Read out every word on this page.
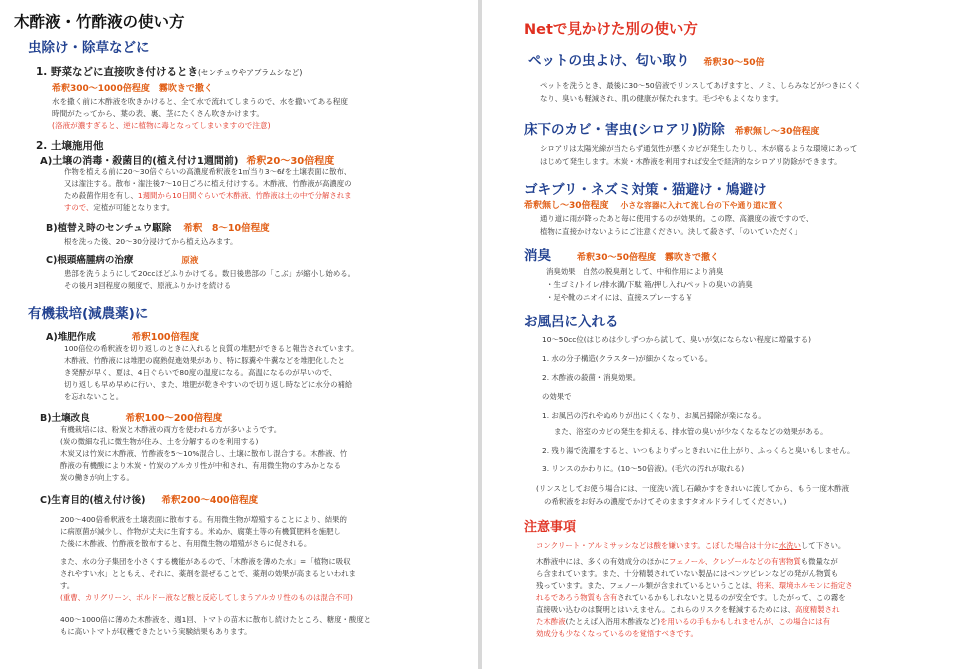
木酢液・竹酢液の使い方
虫除け・除草などに
1. 野菜などに直接吹き付けるとき(センチュウやアブラムシなど)
希釈300～1000倍程度　霧吹きで撒く
水を撒く前に木酢液を吹きかけると、全て水で流れてしまうので、水を撒いてある程度
時間がたってから、葉の表、裏、茎にたくさん吹きかけます。
(洛液が濃すぎると、逆に植物に毒となってしまいますので注意)
2. 土壌施用他
A)土壌の消毒・殺菌目的(植え付け1週間前) 希釈20～30倍程度
作物を植える前に20～30倍ぐらいの高濃度希釈液を1㎡当り3～6ℓを土壌表面に散布、
又は潅注する。散布・潅注後7～10日ごろに植え付けする。木酢液、竹酢液が高濃度の
ため殺菌作用を有し、1週間から10日間ぐらいで木酢液、竹酢液は土の中で分解されま
すので、定植が可能となります。
B)植替え時のセンチュウ駆除 希釈　8～10倍程度
根を洗った後、20～30分浸けてから植え込みます。
C)根頭癌腫病の治療	原液
患部を洗うようにして20ccほどふりかけてる。数日後患部の「こぶ」が縮小し始める。
その後月3回程度の頻度で、原液ふりかけを続ける
有機栽培(減農薬)に
A)堆肥作成	希釈100倍程度
100倍位の希釈液を切り返しのときに入れると良質の堆肥ができると報告されています。
木酢液、竹酢液には堆肥の腐熟促進効果があり、特に豚糞や牛糞などを堆肥化したと
き発酵が早く、夏は、4日ぐらいで80度の温度になる。高温になるのが早いので、
切り返しも早め早めに行い、また、堆肥が乾きやすいので切り返し時などに水分の補給
を忘れないこと。
B)土壌改良	希釈100～200倍程度
有機栽培には、粉炭と木酢液の両方を使われる方が多いようです。
(炭の微細な孔に微生物が住み、土を分解するのを利用する)
木炭又は竹炭に木酢液、竹酢液を5～10%混合し、土壌に散布し混合する。木酢液、竹
酢液の有機酸により木炭・竹炭のアルカリ性が中和され、有用微生物のすみかとなる
炭の働きが向上する。
C)生育目的(植え付け後) 希釈200～400倍程度
200～400倍希釈液を土壌表面に散布する。有用微生物が増殖することにより、結果的
に病原菌が減少し、作物が丈夫に生育する。米ぬか、腐葉土等の有機質肥料を施肥し
た後に木酢液、竹酢液を散布すると、有用微生物の増殖がさらに促される。
また、水の分子集団を小さくする機能があるので、「木酢液を薄めた水」=「植物に吸収
されやすい水」とともえ、それに、薬剤を混ぜることで、薬剤の効果が高まるといわれま
す。
(重曹、カリグリーン、ボルドー液など酸と反応してしまうアルカリ性のものは混合不可)
400～1000倍に薄めた木酢液を、週1回、トマトの苗木に散布し続けたところ、糖度・酸度と
もに高いトマトが収穫できたという実験結果もあります。
Netで見かけた別の使い方
ペットの虫よけ、匂い取り 希釈30～50倍
ペットを洗うとき、最後に30～50倍液でリンスしてあげますと、ノミ、しらみなどがつきにくく
なり、臭いも軽減され、肌の健康が保たれます。毛づやもよくなります。
床下のカビ・害虫(シロアリ)防除 希釈無し～30倍程度
シロアリは太陽光線が当たらず通気性が悪くカビが発生したりし、木が腐るような環境にあって
はじめて発生します。木炭・木酢液を利用すれば安全で経済的なシロアリ防除ができます。
ゴキブリ・ネズミ対策・猫避け・鳩避け
希釈無し～30倍程度 小さな容器に入れて流し台の下や通り道に置く
通り道に雨が降ったあと毎に使用するのが効果的。この際、高濃度の液ですので、
植物に直接かけないようにご注意ください。決して殺さず、「のいていただく」
消臭	希釈30～50倍程度　霧吹きで撒く
消臭効果　自然の脱臭剤として、中和作用により消臭
・生ゴミ/トイレ/排水溝/下駄 箱/押し入れ/ペットの臭いの消臭
・足や靴のニオイには、直接スプレーする￥
お風呂に入れる
10～50cc位(はじめは少しずつから試して、臭いが気にならない程度に増量する)
1. 水の分子構造(クラスター)が細かくなっている。
2. 木酢液の殺菌・消臭効果。
の効果で
1. お風呂の汚れやぬめりが出にくくなり、お風呂掃除が楽になる。
また、浴室のカビの発生を抑える、排水管の臭いが少なくなるなどの効果がある。
2. 残り湯で洗濯をすると、いつもよりずっときれいに仕上がり、ふっくらと臭いもしません。
3. リンスのかわりに。(10～50倍液)。(毛穴の汚れが取れる)
(リンスとしてお使う場合には、一度洗い流し石鹸かすをきれいに流してから、もう一度木酢液
の希釈液をお好みの濃度でかけてそのまますタオルドライしてください。)
注意事項
コンクリート・アルミサッシなどは酸を嫌います。こぼした場合は十分に水洗いして下さい。
木酢液中には、多くの有効成分のほかにフェノール、クレゾールなどの有害物質も微量なが
ら含まれています。また、十分精製されていない製品にはベンツピレンなどの発がん物質も
残っています。また、フェノール類が含まれているということは、将来、環境ホルモンに指定さ
れるであろう物質も含有されているかもしれないと見るのが安全です。したがって、この霧を
直接吸い込むのは賢明とはいえません。これらのリスクを軽減するためには、高度精製され
た木酢液(たとえば入浴用木酢液など)を用いるの手もかもしれませんが、この場合には有
効成分も少なくなっているのを覚悟すべきです。
